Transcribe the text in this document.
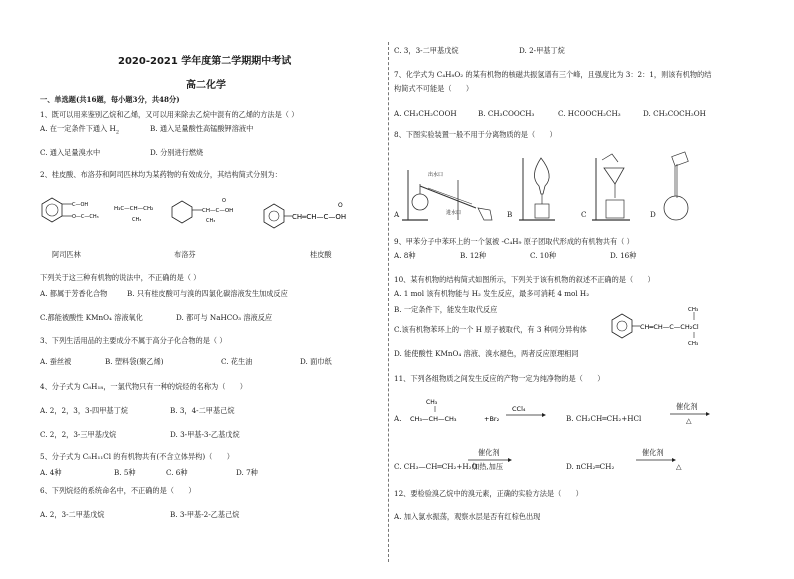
2020-2021 学年度第二学期期中考试
高二化学
一、单选题(共16题，每小题3分，共48分)
1、既可以用来鉴别乙烷和乙烯，又可以用来除去乙烷中混有的乙烯的方法是（ ）
A. 在一定条件下通入 $H_2$	B. 通入足量酸性高锰酸钾溶液中
C. 通入足量溴水中	D. 分别进行燃烧
2、桂皮酸、布洛芬和阿司匹林均为某药物的有效成分，其结构简式分别为：
C—OH
O—C—CH₃
H₃C—CH—CH₂
CH₃
CH—C—OH
CH₃
O
CH═CH—C—OH
O
阿司匹林	布洛芬	桂皮酸
下列关于这三种有机物的说法中，不正确的是（ ）
A. 都属于芳香化合物	B. 只有桂皮酸可与溴的四氯化碳溶液发生加成反应
C.都能被酸性 KMnO₄ 溶液氧化	D. 都可与 NaHCO₃ 溶液反应
3、下列生活用品的主要成分不属于高分子化合物的是（ ）
A. 蚕丝被	B. 塑料袋(聚乙烯)	C. 花生油	D. 面巾纸
4、分子式为 C₈H₁₈，一氯代物只有一种的烷烃的名称为（　　）
A. 2，2，3，3-四甲基丁烷	B. 3，4-二甲基己烷
C. 2，2，3-三甲基戊烷	D. 3-甲基-3-乙基戊烷
5、分子式为 C₅H₁₁Cl 的有机物共有(不含立体异构)（　　）
A. 4种	B. 5种	C. 6种	D. 7种
6、下列烷烃的系统命名中，不正确的是（　　）
A. 2，3-二甲基戊烷	B. 3-甲基-2-乙基己烷
C. 3，3-二甲基戊烷	D. 2-甲基丁烷
7、化学式为 C₄H₈O₂ 的某有机物的核磁共振氢谱有三个峰，且强度比为 3：2：1，则该有机物的结
构简式不可能是（　　）
A. CH₃CH₂COOH	B. CH₃COOCH₃	C. HCOOCH₂CH₃	D. CH₃COCH₂OH
8、下图实验装置一般不用于分离物质的是（　　）
出水口
进水口
A	B	C	D
9、甲苯分子中苯环上的一个氢被 -C₄H₉ 原子团取代形成的有机物共有（ ）
A. 8种	B. 12种	C. 10种	D. 16种
10、某有机物的结构简式如图所示，下列关于该有机物的叙述不正确的是（　　）
A. 1 mol 该有机物能与 H₂ 发生反应，最多可消耗 4 mol H₂
B. 一定条件下，能发生取代反应
CH═CH—C—CH₂Cl
CH₃
CH₃
C.该有机物苯环上的一个 H 原子被取代，有 3 种同分异构体
D. 能使酸性 KMnO₄ 溶液、溴水褪色，两者反应原理相同
11、下列各组物质之间发生反应的产物一定为纯净物的是（　　）
A.
CH₃
CH₃—CH—CH₃	+Br₂
CCl₄
B. CH₂CH═CH₂+HCl
催化剂
△
C. CH₃—CH═CH₂+H₂O
催化剂
加热,加压	D. nCH₂═CH₂
催化剂
△
12、要检验溴乙烷中的溴元素，正确的实验方法是（　　）
A. 加入氯水振荡，观察水层是否有红棕色出现
